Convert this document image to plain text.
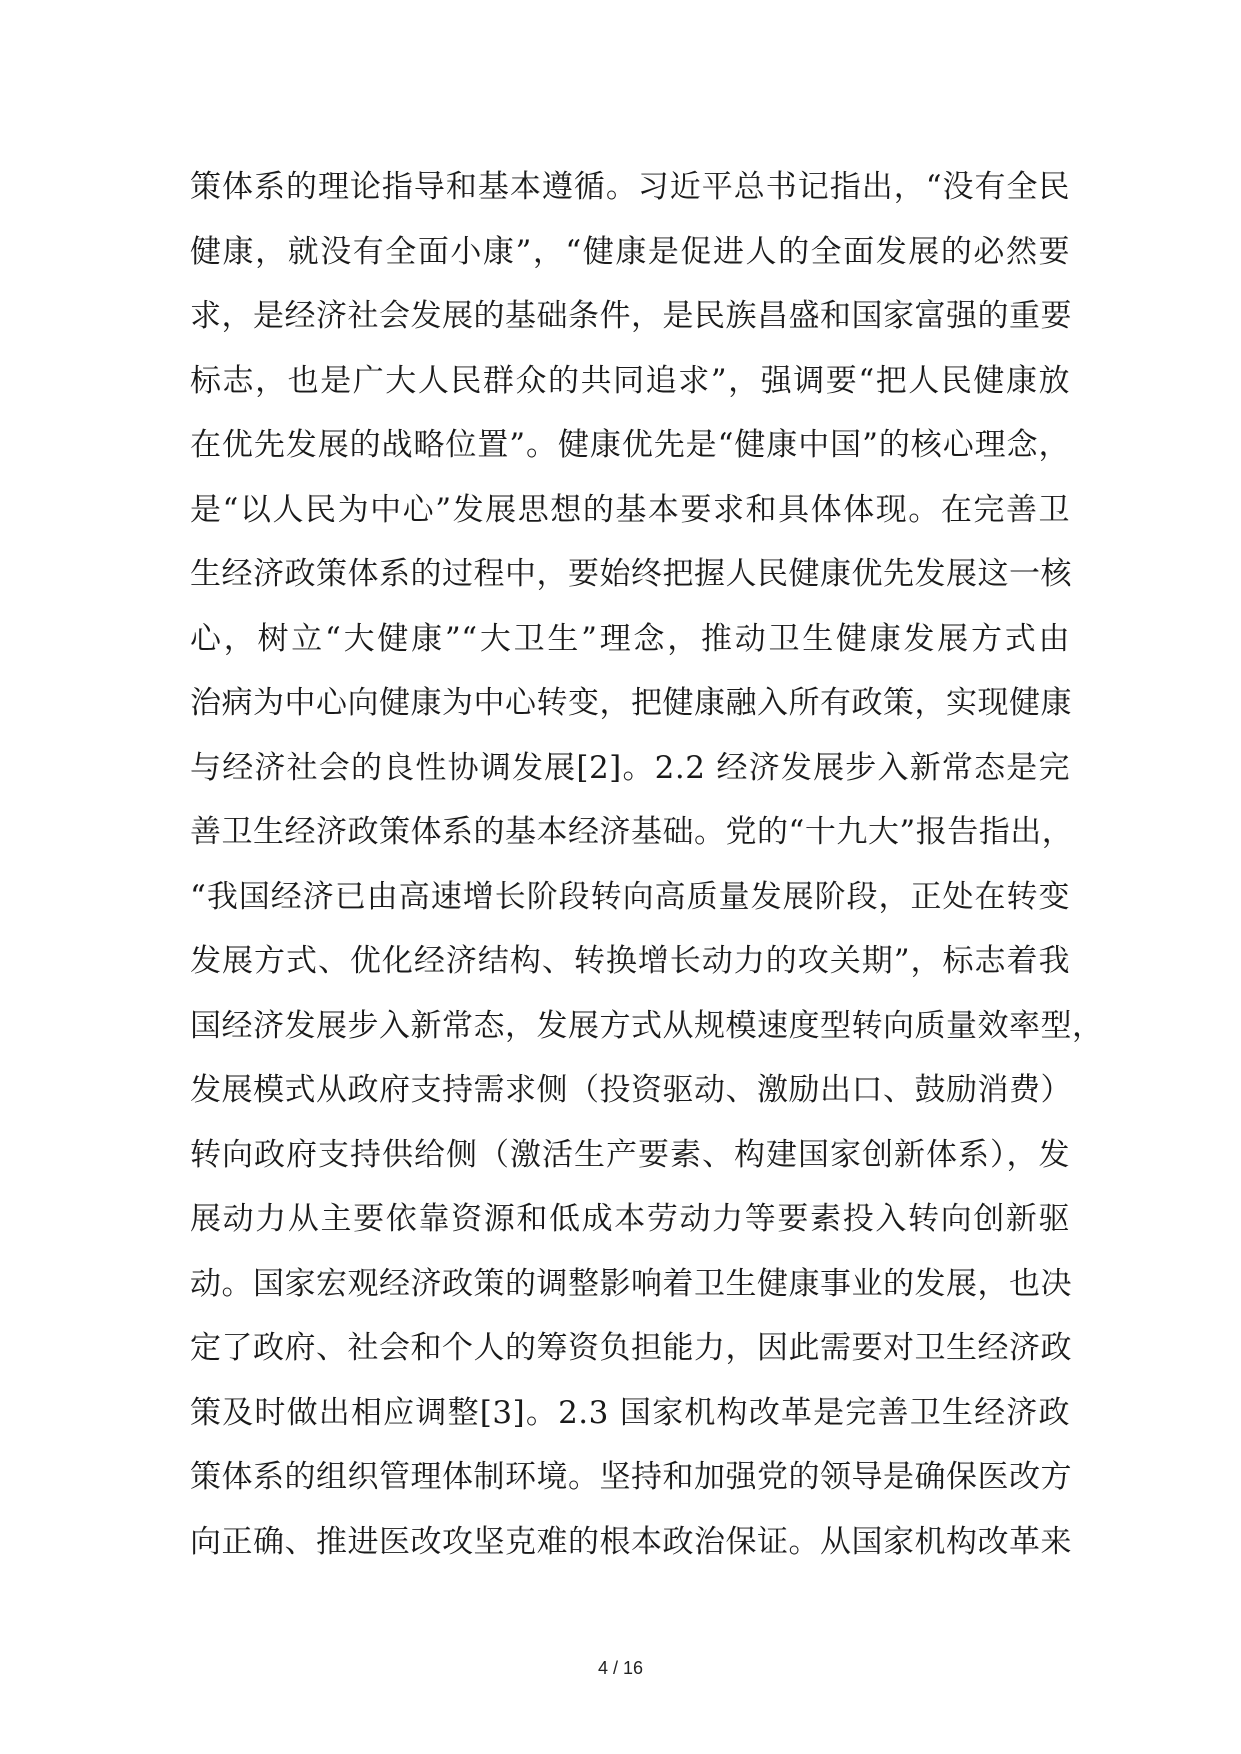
策体系的理论指导和基本遵循。习近平总书记指出，“没有全民
健康，就没有全面小康”，“健康是促进人的全面发展的必然要
求，是经济社会发展的基础条件，是民族昌盛和国家富强的重要
标志，也是广大人民群众的共同追求”，强调要“把人民健康放
在优先发展的战略位置”。健康优先是“健康中国”的核心理念，
是“以人民为中心”发展思想的基本要求和具体体现。在完善卫
生经济政策体系的过程中，要始终把握人民健康优先发展这一核
心，树立“大健康”“大卫生”理念，推动卫生健康发展方式由
治病为中心向健康为中心转变，把健康融入所有政策，实现健康
与经济社会的良性协调发展[2]。2.2 经济发展步入新常态是完
善卫生经济政策体系的基本经济基础。党的“十九大”报告指出，
“我国经济已由高速增长阶段转向高质量发展阶段，正处在转变
发展方式、优化经济结构、转换增长动力的攻关期”，标志着我
国经济发展步入新常态，发展方式从规模速度型转向质量效率型，
发展模式从政府支持需求侧（投资驱动、激励出口、鼓励消费）
转向政府支持供给侧（激活生产要素、构建国家创新体系），发
展动力从主要依靠资源和低成本劳动力等要素投入转向创新驱
动。国家宏观经济政策的调整影响着卫生健康事业的发展，也决
定了政府、社会和个人的筹资负担能力，因此需要对卫生经济政
策及时做出相应调整[3]。2.3 国家机构改革是完善卫生经济政
策体系的组织管理体制环境。坚持和加强党的领导是确保医改方
向正确、推进医改攻坚克难的根本政治保证。从国家机构改革来
4 / 16
